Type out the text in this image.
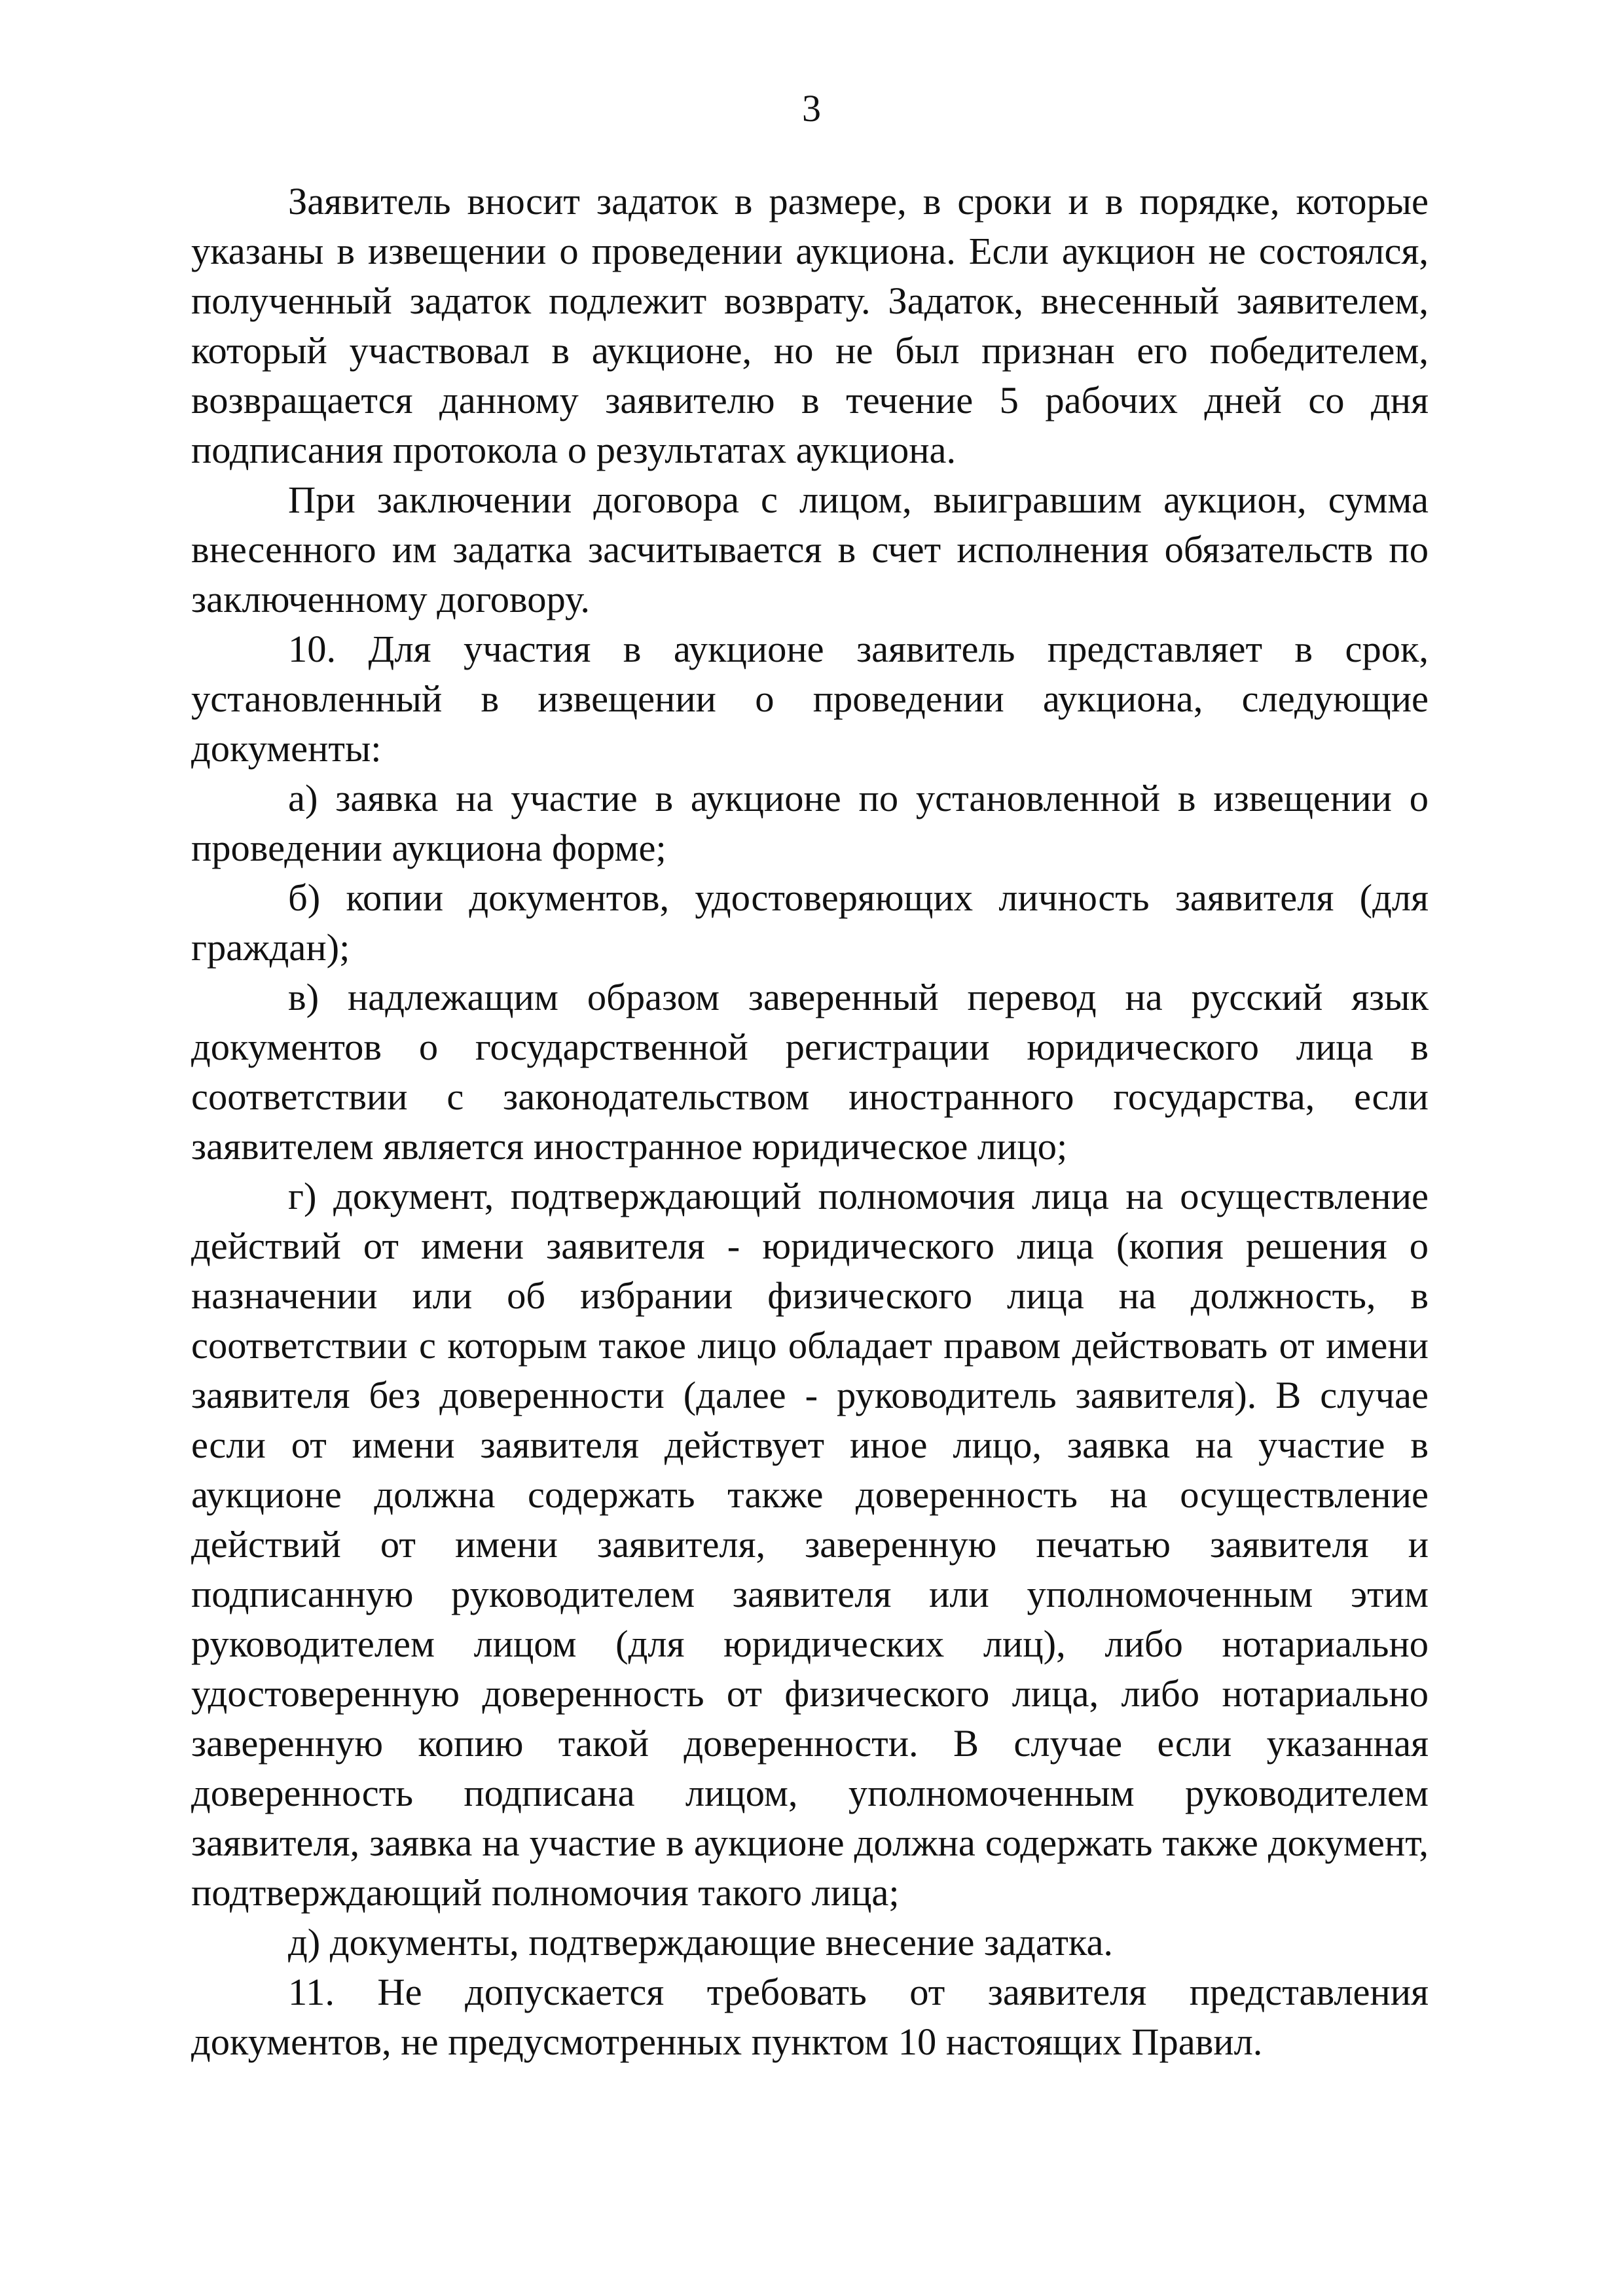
3

Заявитель вносит задаток в размере, в сроки и в порядке, которые указаны в извещении о проведении аукциона. Если аукцион не состоялся, полученный задаток подлежит возврату. Задаток, внесенный заявителем, который участвовал в аукционе, но не был признан его победителем, возвращается данному заявителю в течение 5 рабочих дней со дня подписания протокола о результатах аукциона.

При заключении договора с лицом, выигравшим аукцион, сумма внесенного им задатка засчитывается в счет исполнения обязательств по заключенному договору.

10. Для участия в аукционе заявитель представляет в срок, установленный в извещении о проведении аукциона, следующие документы:

а) заявка на участие в аукционе по установленной в извещении о проведении аукциона форме;

б) копии документов, удостоверяющих личность заявителя (для граждан);

в) надлежащим образом заверенный перевод на русский язык документов о государственной регистрации юридического лица в соответствии с законодательством иностранного государства, если заявителем является иностранное юридическое лицо;

г) документ, подтверждающий полномочия лица на осуществление действий от имени заявителя - юридического лица (копия решения о назначении или об избрании физического лица на должность, в соответствии с которым такое лицо обладает правом действовать от имени заявителя без доверенности (далее - руководитель заявителя). В случае если от имени заявителя действует иное лицо, заявка на участие в аукционе должна содержать также доверенность на осуществление действий от имени заявителя, заверенную печатью заявителя и подписанную руководителем заявителя или уполномоченным этим руководителем лицом (для юридических лиц), либо нотариально удостоверенную доверенность от физического лица, либо нотариально заверенную копию такой доверенности. В случае если указанная доверенность подписана лицом, уполномоченным руководителем заявителя, заявка на участие в аукционе должна содержать также документ, подтверждающий полномочия такого лица;

д) документы, подтверждающие внесение задатка.

11. Не допускается требовать от заявителя представления документов, не предусмотренных пунктом 10 настоящих Правил.
